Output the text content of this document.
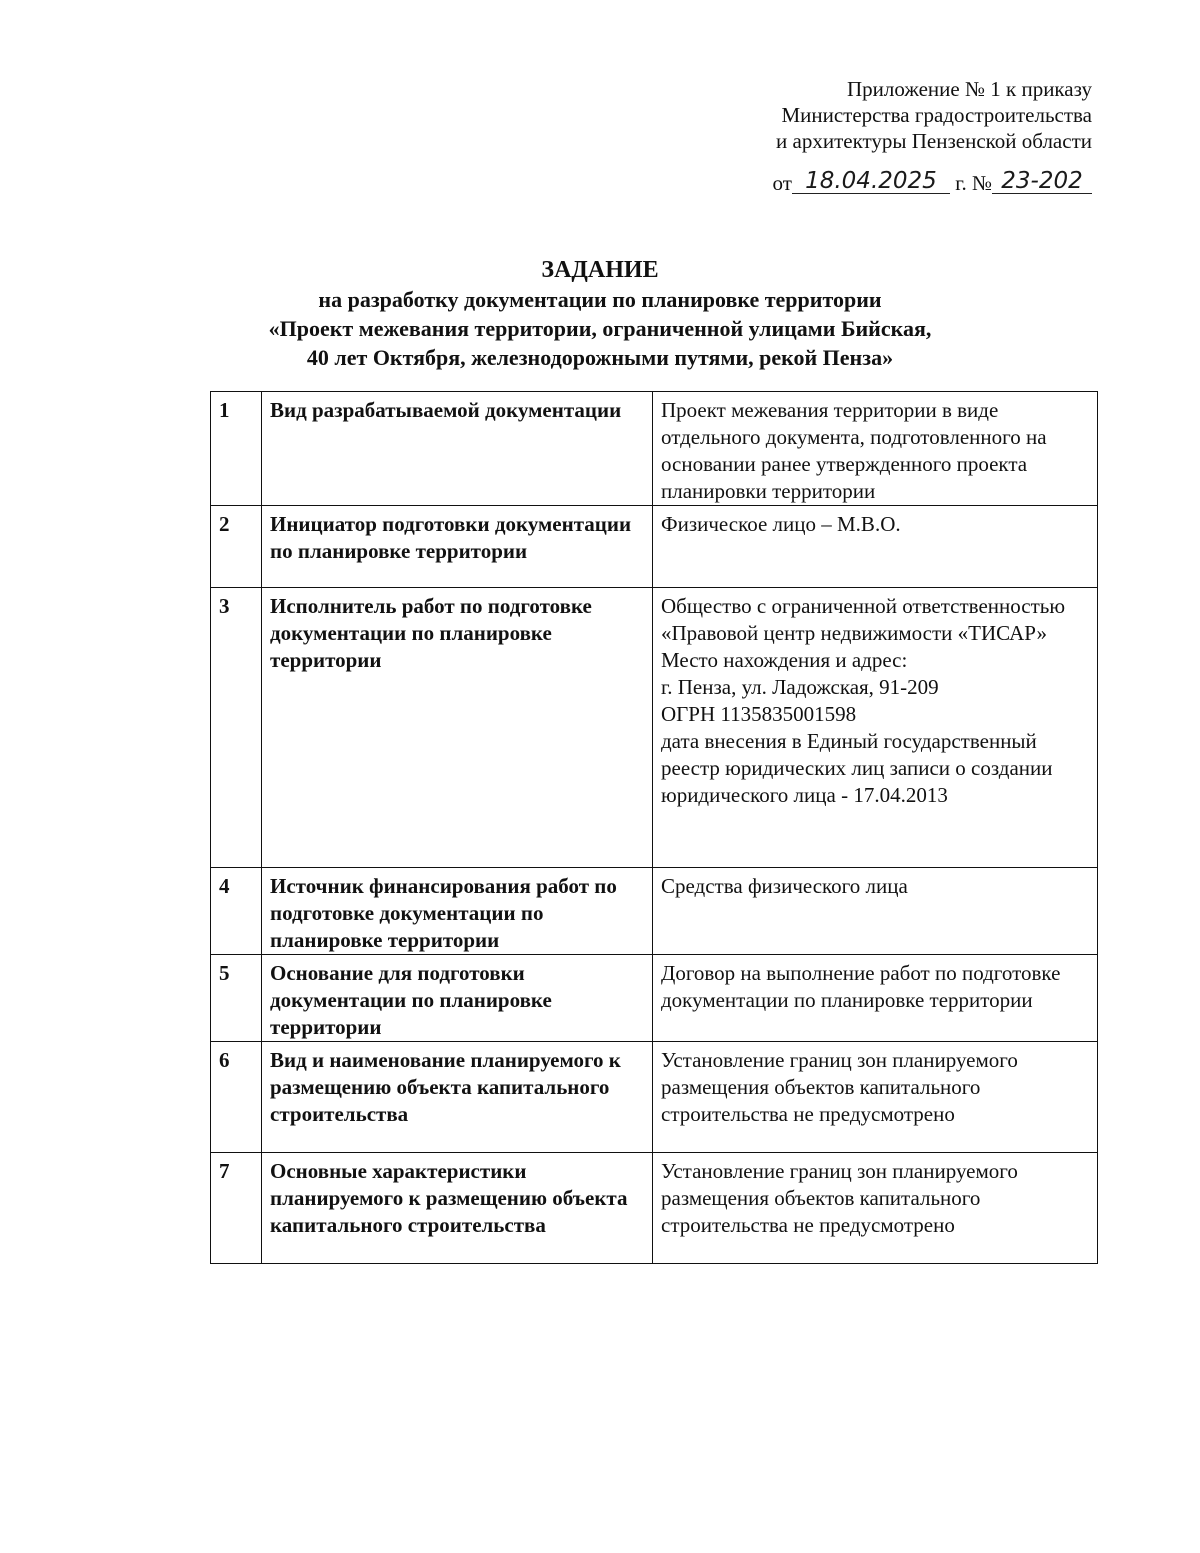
Приложение № 1 к приказу
Министерства градостроительства
и архитектуры Пензенской области
от 18.04.2025 г. № 23-202
ЗАДАНИЕ
на разработку документации по планировке территории
«Проект межевания территории, ограниченной улицами Бийская,
40 лет Октября, железнодорожными путями, рекой Пенза»
1	Вид разрабатываемой документации	Проект межевания территории в виде отдельного документа, подготовленного на основании ранее утвержденного проекта планировки территории

2	Инициатор подготовки документации по планировке территории	Физическое лицо – М.В.О.

3	Исполнитель работ по подготовке документации по планировке территории	Общество с ограниченной ответственностью «Правовой центр недвижимости «ТИСАР»
Место нахождения и адрес:
г. Пенза, ул. Ладожская, 91-209
ОГРН 1135835001598
дата внесения в Единый государственный реестр юридических лиц записи о создании юридического лица - 17.04.2013

4	Источник финансирования работ по подготовке документации по планировке территории	Средства физического лица

5	Основание для подготовки документации по планировке территории	Договор на выполнение работ по подготовке документации по планировке территории

6	Вид и наименование планируемого к размещению объекта капитального строительства	Установление границ зон планируемого размещения объектов капитального строительства не предусмотрено

7	Основные характеристики планируемого к размещению объекта капитального строительства	Установление границ зон планируемого размещения объектов капитального строительства не предусмотрено
